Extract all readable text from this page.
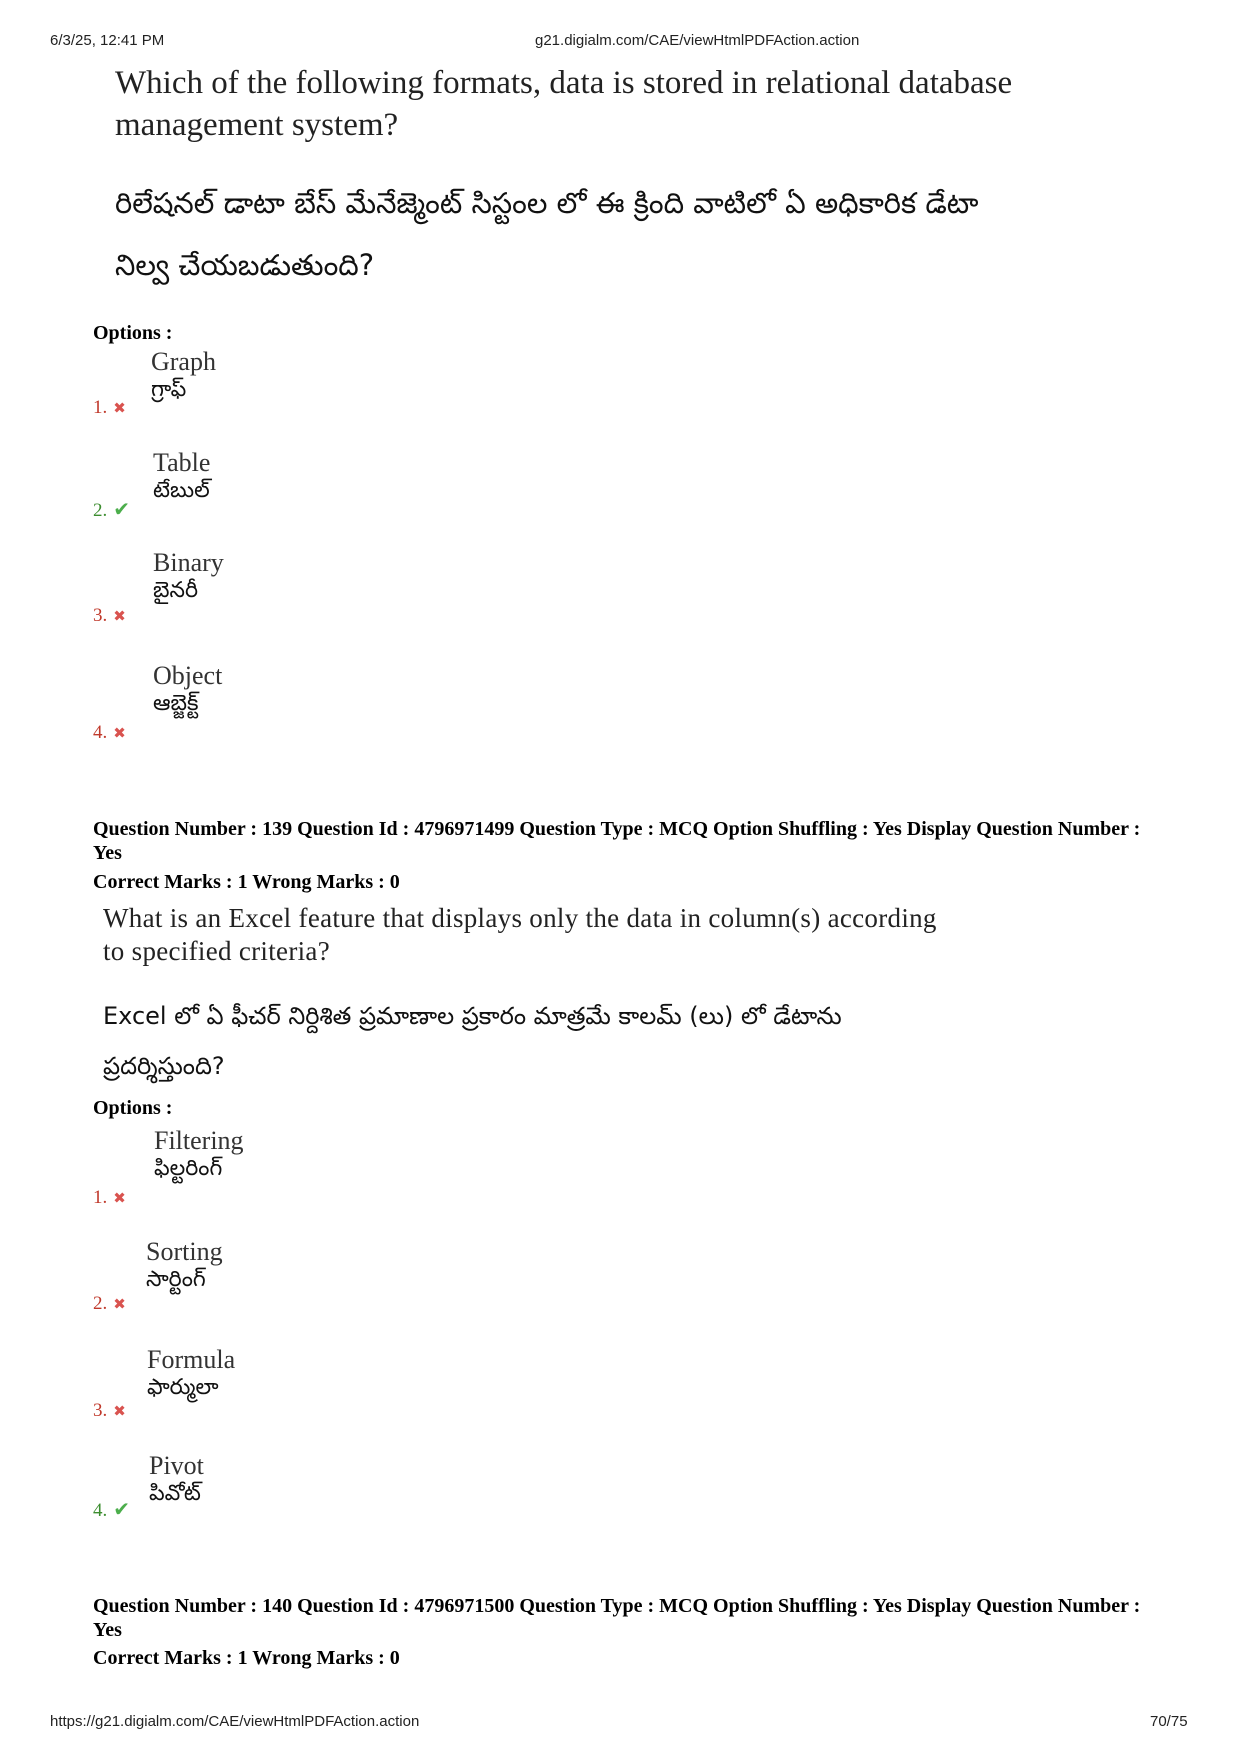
6/3/25, 12:41 PM	g21.digialm.com/CAE/viewHtmlPDFAction.action
Which of the following formats, data is stored in relational database management system?
రిలేషనల్ డాటా బేస్ మేనేజ్మెంట్ సిస్టంల లో ఈ క్రింది వాటిలో ఏ అధికారిక డేటా
నిల్వ చేయబడుతుంది?
Options :
Graph
గ్రాఫ్
1. ✖
Table
టేబుల్
2. ✔
Binary
బైనరీ
3. ✖
Object
ఆబ్జెక్ట్
4. ✖
Question Number : 139 Question Id : 4796971499 Question Type : MCQ Option Shuffling : Yes Display Question Number : Yes
Correct Marks : 1 Wrong Marks : 0
What is an Excel feature that displays only the data in column(s) according to specified criteria?
Excel లో ఏ ఫీచర్ నిర్దిశిత ప్రమాణాల ప్రకారం మాత్రమే కాలమ్ (లు) లో డేటాను
ప్రదర్శిస్తుంది?
Options :
Filtering
ఫిల్టరింగ్
1. ✖
Sorting
సార్టింగ్
2. ✖
Formula
ఫార్ములా
3. ✖
Pivot
పివోట్
4. ✔
Question Number : 140 Question Id : 4796971500 Question Type : MCQ Option Shuffling : Yes Display Question Number : Yes
Correct Marks : 1 Wrong Marks : 0
https://g21.digialm.com/CAE/viewHtmlPDFAction.action	70/75
